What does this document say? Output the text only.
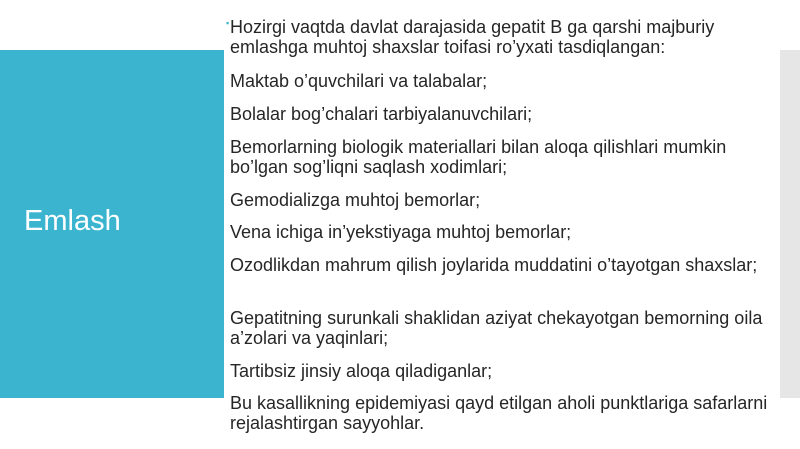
Emlash
▪ Hozirgi vaqtda davlat darajasida gepatit B ga qarshi majburiy emlashga muhtoj shaxslar toifasi ro’yxati tasdiqlangan:
Maktab o’quvchilari va talabalar;
Bolalar bog’chalari tarbiyalanuvchilari;
Bemorlarning biologik materiallari bilan aloqa qilishlari mumkin bo’lgan sog’liqni saqlash xodimlari;
Gemodializga muhtoj bemorlar;
Vena ichiga in’yekstiyaga muhtoj bemorlar;
Ozodlikdan mahrum qilish joylarida muddatini o’tayotgan shaxslar;
Gepatitning surunkali shaklidan aziyat chekayotgan bemorning oila a’zolari va yaqinlari;
Tartibsiz jinsiy aloqa qiladiganlar;
Bu kasallikning epidemiyasi qayd etilgan aholi punktlariga safarlarni rejalashtirgan sayyohlar.
